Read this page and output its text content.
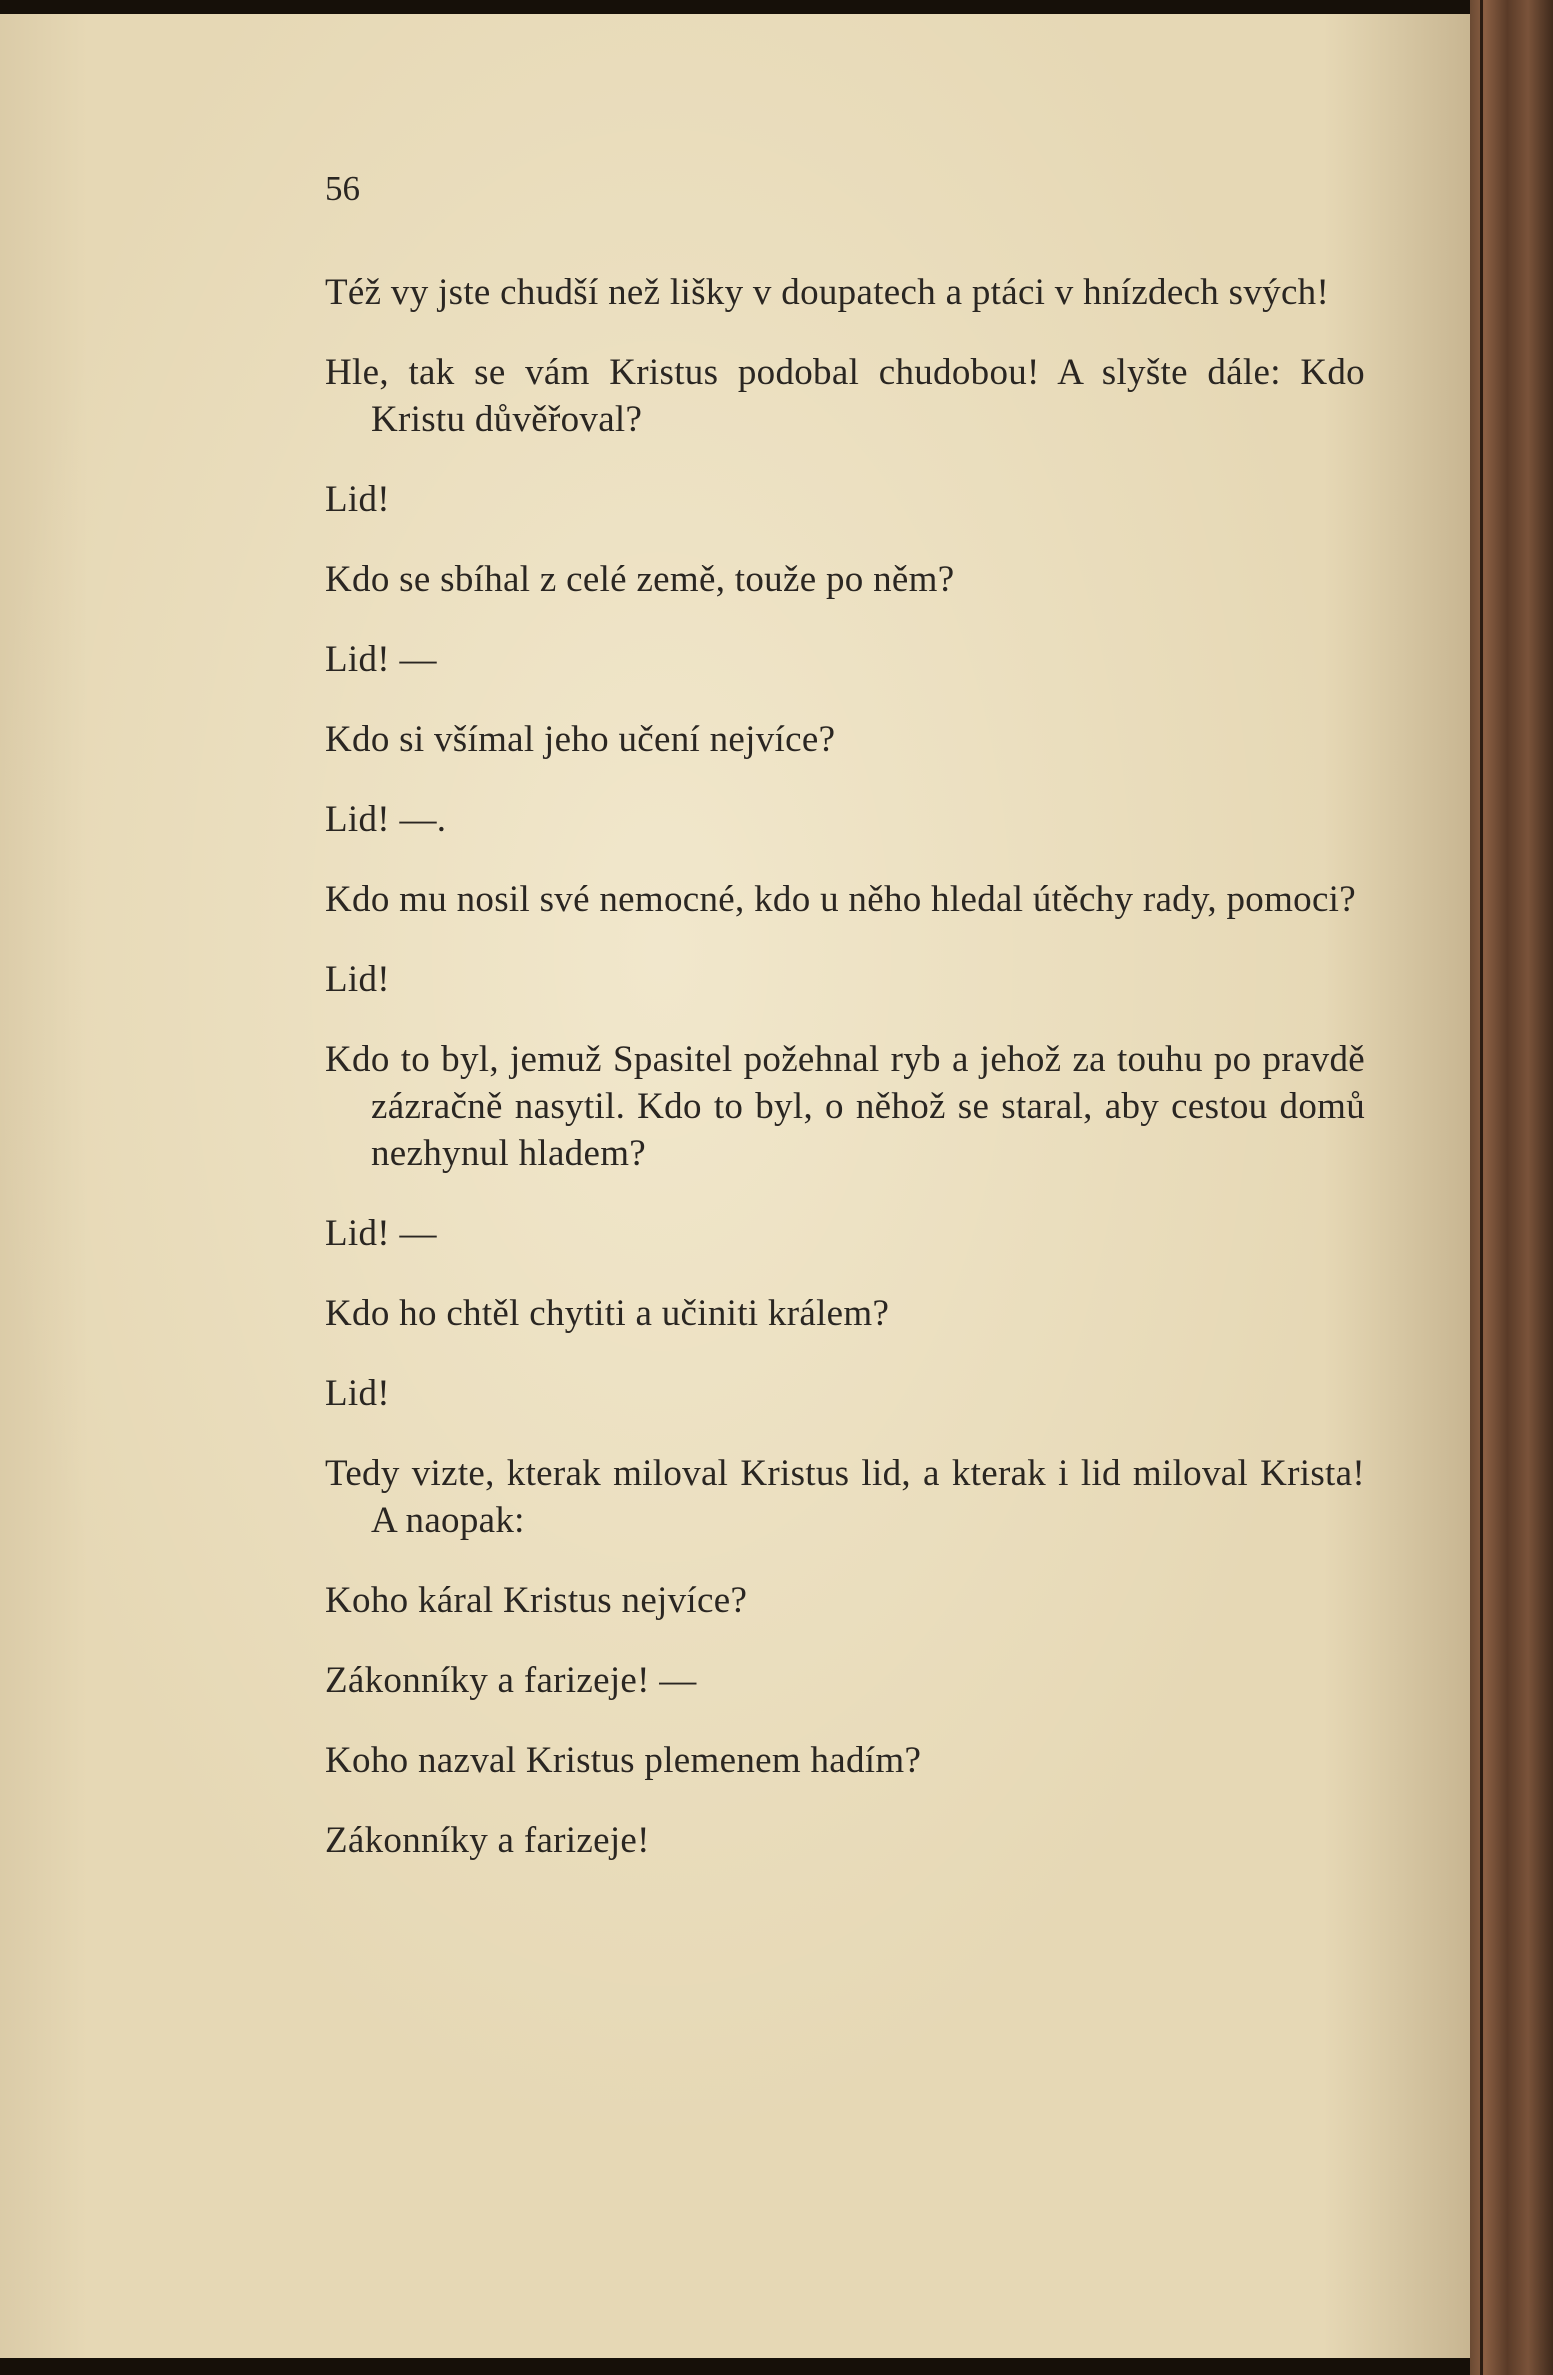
56

Též vy jste chudší než lišky v doupatech a ptáci v hnízdech svých!

Hle, tak se vám Kristus podobal chudobou! A slyšte dále: Kdo Kristu důvěřoval?

Lid!

Kdo se sbíhal z celé země, touže po něm?

Lid! —

Kdo si všímal jeho učení nejvíce?

Lid! —.

Kdo mu nosil své nemocné, kdo u něho hledal útěchy rady, pomoci?

Lid!

Kdo to byl, jemuž Spasitel požehnal ryb a jehož za touhu po pravdě zázračně nasytil. Kdo to byl, o něhož se staral, aby cestou domů nezhynul hladem?

Lid! —

Kdo ho chtěl chytiti a učiniti králem?

Lid!

Tedy vizte, kterak miloval Kristus lid, a kterak i lid miloval Krista! A naopak:

Koho káral Kristus nejvíce?

Zákonníky a farizeje! —

Koho nazval Kristus plemenem hadím?

Zákonníky a farizeje!
